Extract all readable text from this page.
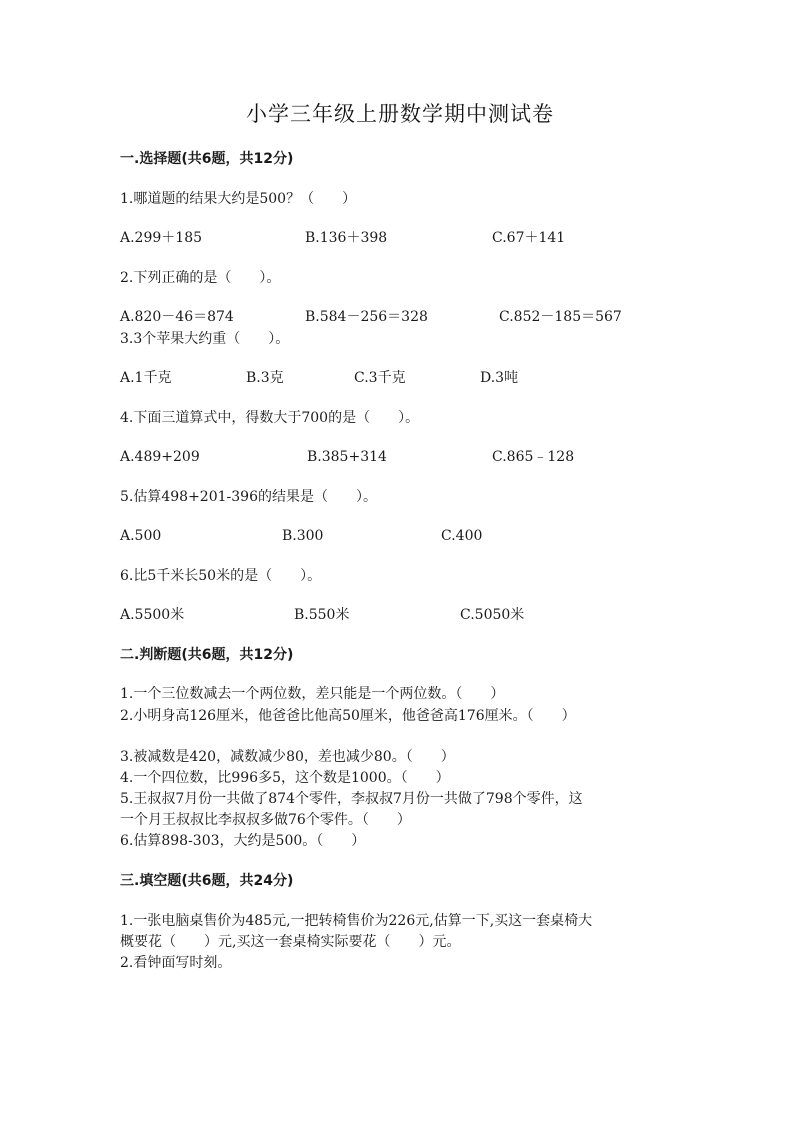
小学三年级上册数学期中测试卷
一.选择题(共6题，共12分)
1.哪道题的结果大约是500？（　　）
A.299＋185	B.136＋398	C.67＋141
2.下列正确的是（　　）。
A.820－46＝874	B.584－256＝328	C.852－185＝567
3.3个苹果大约重（　　）。
A.1千克	B.3克	C.3千克	D.3吨
4.下面三道算式中，得数大于700的是（　　）。
A.489+209	B.385+314	C.865﹣128
5.估算498+201-396的结果是（　　）。
A.500	B.300	C.400
6.比5千米长50米的是（　　）。
A.5500米	B.550米	C.5050米
二.判断题(共6题，共12分)
1.一个三位数减去一个两位数，差只能是一个两位数。（　　）
2.小明身高126厘米，他爸爸比他高50厘米，他爸爸高176厘米。（　　）
3.被减数是420，减数减少80，差也减少80。（　　）
4.一个四位数，比996多5，这个数是1000。（　　）
5.王叔叔7月份一共做了874个零件，李叔叔7月份一共做了798个零件，这
一个月王叔叔比李叔叔多做76个零件。（　　）
6.估算898-303，大约是500。（　　）
三.填空题(共6题，共24分)
1.一张电脑桌售价为485元,一把转椅售价为226元,估算一下,买这一套桌椅大
概要花（　　）元,买这一套桌椅实际要花（　　）元。
2.看钟面写时刻。
